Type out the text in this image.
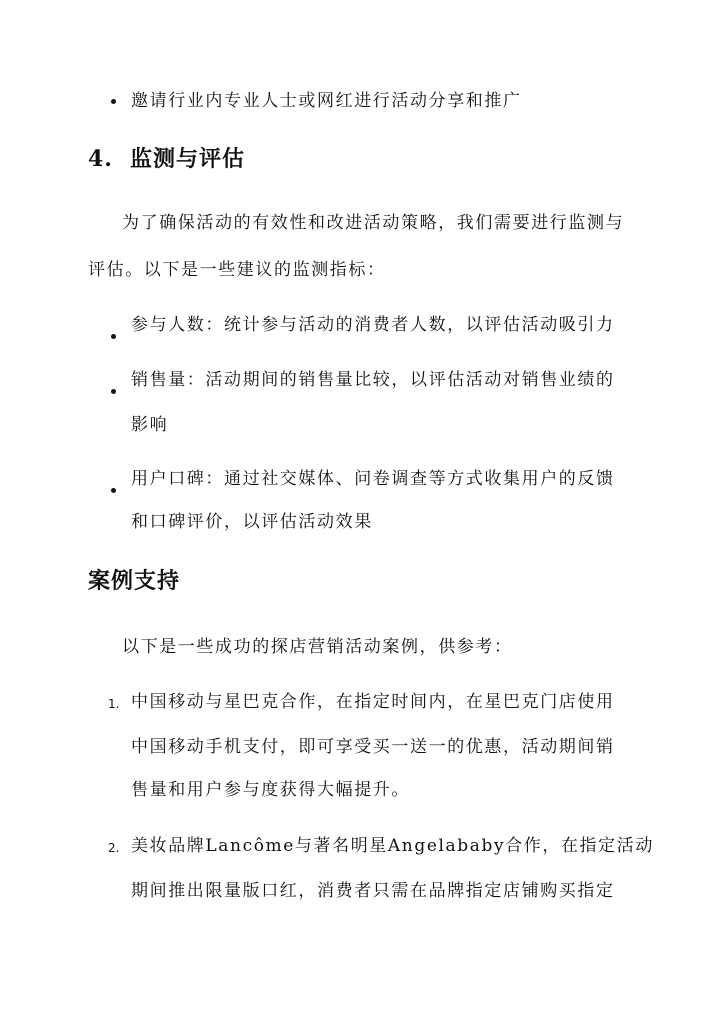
邀请行业内专业人士或网红进行活动分享和推广
4. 监测与评估
为了确保活动的有效性和改进活动策略，我们需要进行监测与
评估。以下是一些建议的监测指标：
参与人数：统计参与活动的消费者人数，以评估活动吸引力
销售量：活动期间的销售量比较，以评估活动对销售业绩的
影响
用户口碑：通过社交媒体、问卷调查等方式收集用户的反馈
和口碑评价，以评估活动效果
案例支持
以下是一些成功的探店营销活动案例，供参考：
1. 中国移动与星巴克合作，在指定时间内，在星巴克门店使用
中国移动手机支付，即可享受买一送一的优惠，活动期间销
售量和用户参与度获得大幅提升。
2. 美妆品牌Lancôme与著名明星Angelababy合作，在指定活动
期间推出限量版口红，消费者只需在品牌指定店铺购买指定
